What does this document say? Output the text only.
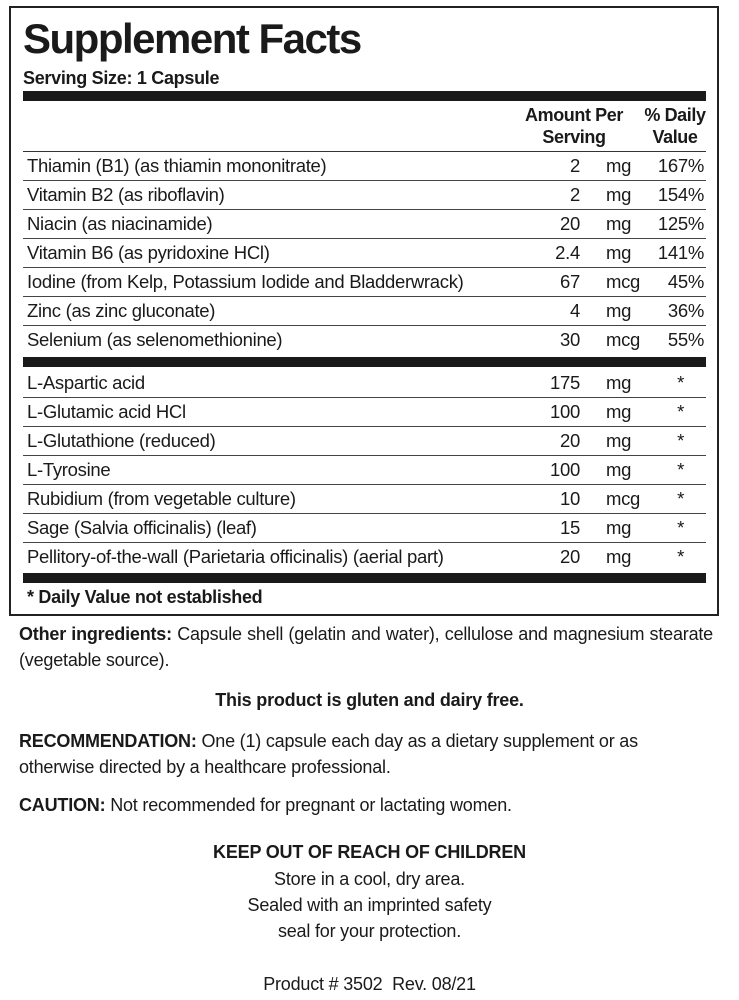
Supplement Facts
Serving Size: 1 Capsule
Amount Per
Serving
% Daily
Value
Thiamin (B1) (as thiamin mononitrate)	2 mg 167%
Vitamin B2 (as riboflavin)	2 mg 154%
Niacin (as niacinamide)	20 mg 125%
Vitamin B6 (as pyridoxine HCl)	2.4 mg 141%
Iodine (from Kelp, Potassium Iodide and Bladderwrack)	67 mcg 45%
Zinc (as zinc gluconate)	4 mg 36%
Selenium (as selenomethionine)	30 mcg 55%
L-Aspartic acid	175 mg *
L-Glutamic acid HCl	100 mg *
L-Glutathione (reduced)	20 mg *
L-Tyrosine	100 mg *
Rubidium (from vegetable culture)	10 mcg *
Sage (Salvia officinalis) (leaf)	15 mg *
Pellitory-of-the-wall (Parietaria officinalis) (aerial part)	20 mg *
* Daily Value not established

Other ingredients: Capsule shell (gelatin and water), cellulose and magnesium stearate (vegetable source).

This product is gluten and dairy free.

RECOMMENDATION: One (1) capsule each day as a dietary supplement or as otherwise directed by a healthcare professional.

CAUTION: Not recommended for pregnant or lactating women.

KEEP OUT OF REACH OF CHILDREN
Store in a cool, dry area.
Sealed with an imprinted safety
seal for your protection.
Product # 3502  Rev. 08/21
